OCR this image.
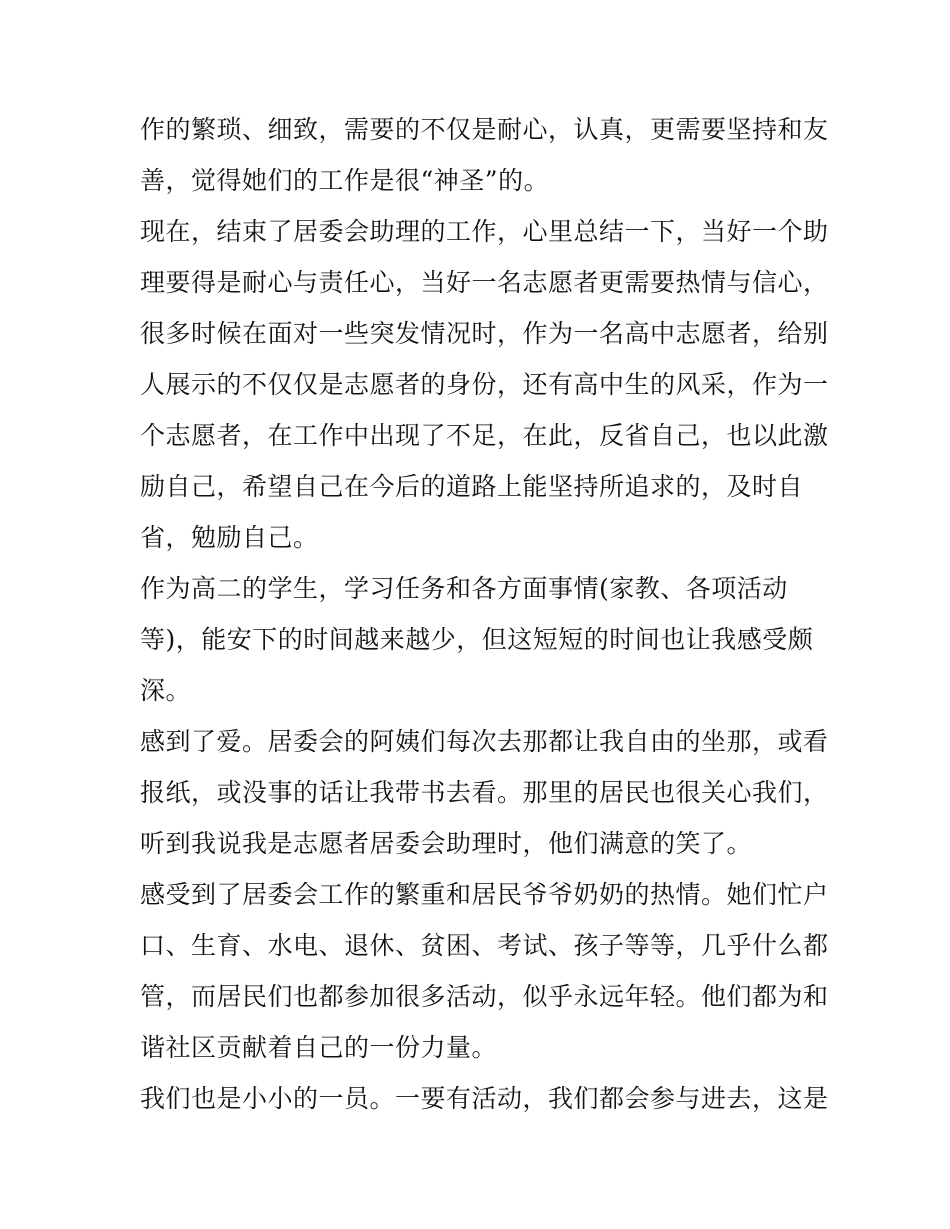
作的繁琐、细致，需要的不仅是耐心，认真，更需要坚持和友
善，觉得她们的工作是很“神圣”的。
现在，结束了居委会助理的工作，心里总结一下，当好一个助
理要得是耐心与责任心，当好一名志愿者更需要热情与信心，
很多时候在面对一些突发情况时，作为一名高中志愿者，给别
人展示的不仅仅是志愿者的身份，还有高中生的风采，作为一
个志愿者，在工作中出现了不足，在此，反省自己，也以此激
励自己，希望自己在今后的道路上能坚持所追求的，及时自
省，勉励自己。
作为高二的学生，学习任务和各方面事情(家教、各项活动
等)，能安下的时间越来越少，但这短短的时间也让我感受颇
深。
感到了爱。居委会的阿姨们每次去那都让我自由的坐那，或看
报纸，或没事的话让我带书去看。那里的居民也很关心我们，
听到我说我是志愿者居委会助理时，他们满意的笑了。
感受到了居委会工作的繁重和居民爷爷奶奶的热情。她们忙户
口、生育、水电、退休、贫困、考试、孩子等等，几乎什么都
管，而居民们也都参加很多活动，似乎永远年轻。他们都为和
谐社区贡献着自己的一份力量。
我们也是小小的一员。一要有活动，我们都会参与进去，这是
